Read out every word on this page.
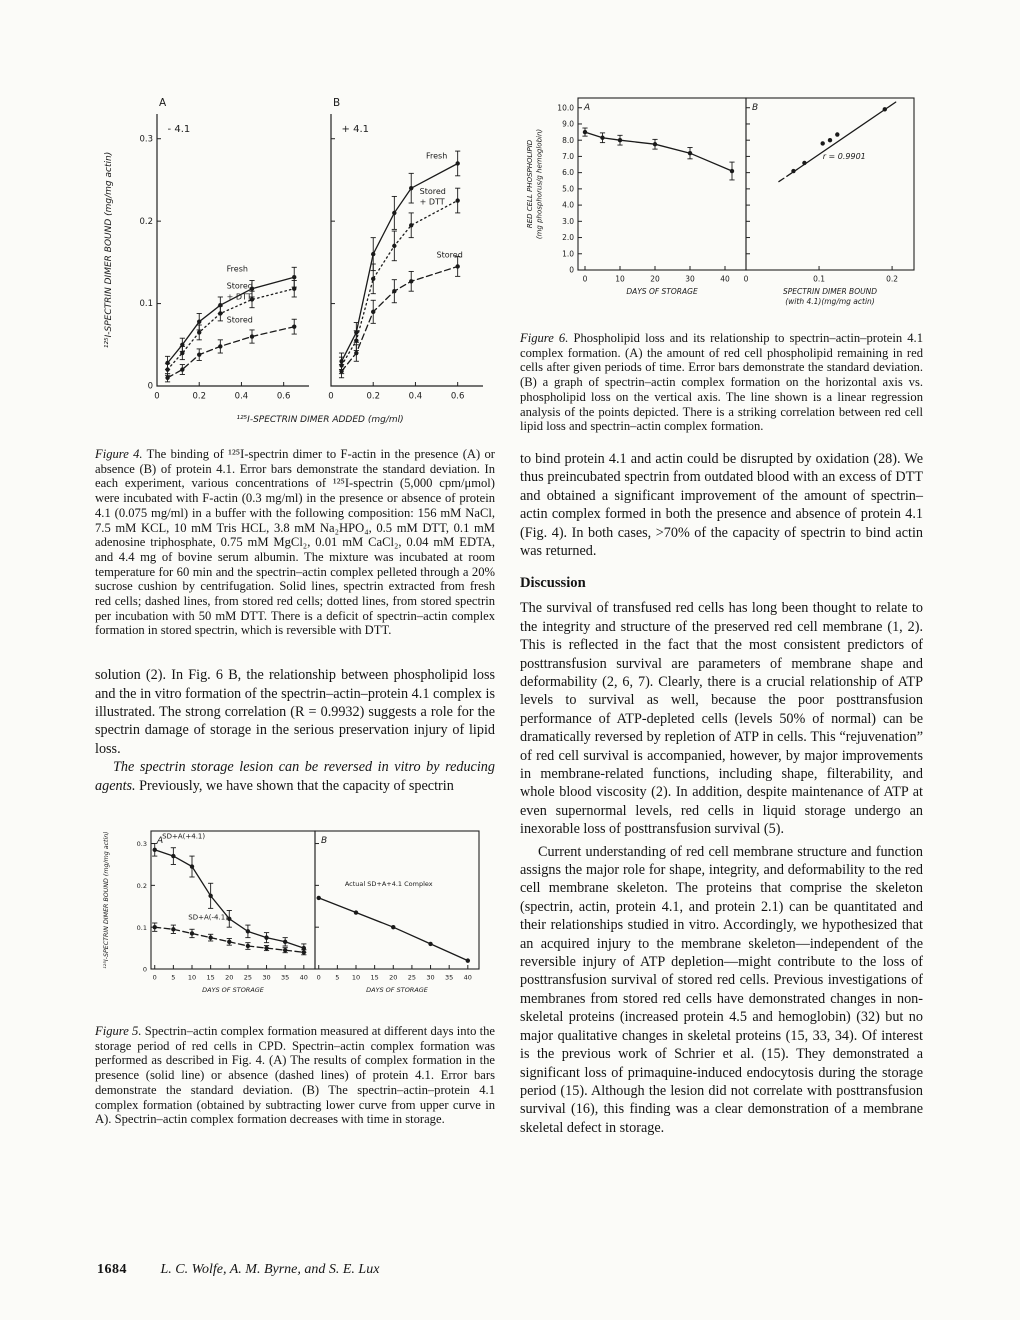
0
0.1
0.2
0.3
0	0.2	0.4	0.6
- 4.1
Fresh
Stored
+ DTT
Stored
A
0	0.2	0.4	0.6
+ 4.1
Fresh
Stored
+ DTT
Stored
B
¹²⁵I-SPECTRIN DIMER BOUND (mg/mg actin)
¹²⁵I-SPECTRIN DIMER ADDED (mg/ml)

Figure 4. The binding of ¹²⁵I-spectrin dimer to F-actin in the presence (A) or absence (B) of protein 4.1. Error bars demonstrate the standard deviation. In each experiment, various concentrations of ¹²⁵I-spectrin (5,000 cpm/μmol) were incubated with F-actin (0.3 mg/ml) in the presence or absence of protein 4.1 (0.075 mg/ml) in a buffer with the following composition: 156 mM NaCl, 7.5 mM KCL, 10 mM Tris HCL, 3.8 mM Na₂HPO₄, 0.5 mM DTT, 0.1 mM adenosine triphosphate, 0.75 mM MgCl₂, 0.01 mM CaCl₂, 0.04 mM EDTA, and 4.4 mg of bovine serum albumin. The mixture was incubated at room temperature for 60 min and the spectrin–actin complex pelleted through a 20% sucrose cushion by centrifugation. Solid lines, spectrin extracted from fresh red cells; dashed lines, from stored red cells; dotted lines, from stored spectrin per incubation with 50 mM DTT. There is a deficit of spectrin–actin complex formation in stored spectrin, which is reversible with DTT.

solution (2). In Fig. 6 B, the relationship between phospholipid loss and the in vitro formation of the spectrin–actin–protein 4.1 complex is illustrated. The strong correlation (R = 0.9932) suggests a role for the spectrin damage of storage in the serious preservation injury of lipid loss.

The spectrin storage lesion can be reversed in vitro by reducing agents. Previously, we have shown that the capacity of spectrin

0
0.1
0.2
0.3
0 5 10 15 20 25 30 35 40
SD+A(+4.1)
SD+A(-4.1)
A
DAYS OF STORAGE
0 5 10 15 20 25 30 35 40
Actual SD+A+4.1 Complex
B
DAYS OF STORAGE
¹²⁵I-SPECTRIN DIMER BOUND (mg/mg actin)

Figure 5. Spectrin–actin complex formation measured at different days into the storage period of red cells in CPD. Spectrin–actin complex formation was performed as described in Fig. 4. (A) The results of complex formation in the presence (solid line) or absence (dashed lines) of protein 4.1. Error bars demonstrate the standard deviation. (B) The spectrin–actin–protein 4.1 complex formation (obtained by subtracting lower curve from upper curve in A). Spectrin–actin complex formation decreases with time in storage.

0
1.0
2.0
3.0
4.0
5.0
6.0
7.0
8.0
9.0
10.0
0	10	20	30	40
A
DAYS OF STORAGE
0	0.1	0.2
r = 0.9901
B
SPECTRIN DIMER BOUND
(with 4.1)(mg/mg actin)
RED CELL PHOSPHOLIPID (mg phosphorus/g hemoglobin)

Figure 6. Phospholipid loss and its relationship to spectrin–actin–protein 4.1 complex formation. (A) the amount of red cell phospholipid remaining in red cells after given periods of time. Error bars demonstrate the standard deviation. (B) a graph of spectrin–actin complex formation on the horizontal axis vs. phospholipid loss on the vertical axis. The line shown is a linear regression analysis of the points depicted. There is a striking correlation between red cell lipid loss and spectrin–actin complex formation.

to bind protein 4.1 and actin could be disrupted by oxidation (28). We thus preincubated spectrin from outdated blood with an excess of DTT and obtained a significant improvement of the amount of spectrin–actin complex formed in both the presence and absence of protein 4.1 (Fig. 4). In both cases, >70% of the capacity of spectrin to bind actin was returned.

Discussion

The survival of transfused red cells has long been thought to relate to the integrity and structure of the preserved red cell membrane (1, 2). This is reflected in the fact that the most consistent predictors of posttransfusion survival are parameters of membrane shape and deformability (2, 6, 7). Clearly, there is a crucial relationship of ATP levels to survival as well, because the poor posttransfusion performance of ATP-depleted cells (levels 50% of normal) can be dramatically reversed by repletion of ATP in cells. This “rejuvenation” of red cell survival is accompanied, however, by major improvements in membrane-related functions, including shape, filterability, and whole blood viscosity (2). In addition, despite maintenance of ATP at even supernormal levels, red cells in liquid storage undergo an inexorable loss of posttransfusion survival (5).

Current understanding of red cell membrane structure and function assigns the major role for shape, integrity, and deformability to the red cell membrane skeleton. The proteins that comprise the skeleton (spectrin, actin, protein 4.1, and protein 2.1) can be quantitated and their relationships studied in vitro. Accordingly, we hypothesized that an acquired injury to the membrane skeleton—independent of the reversible injury of ATP depletion—might contribute to the loss of posttransfusion survival of stored red cells. Previous investigations of membranes from stored red cells have demonstrated changes in non-skeletal proteins (increased protein 4.5 and hemoglobin) (32) but no major qualitative changes in skeletal proteins (15, 33, 34). Of interest is the previous work of Schrier et al. (15). They demonstrated a significant loss of primaquine-induced endocytosis during the storage period (15). Although the lesion did not correlate with posttransfusion survival (16), this finding was a clear demonstration of a membrane skeletal defect in storage.

1684 L. C. Wolfe, A. M. Byrne, and S. E. Lux
